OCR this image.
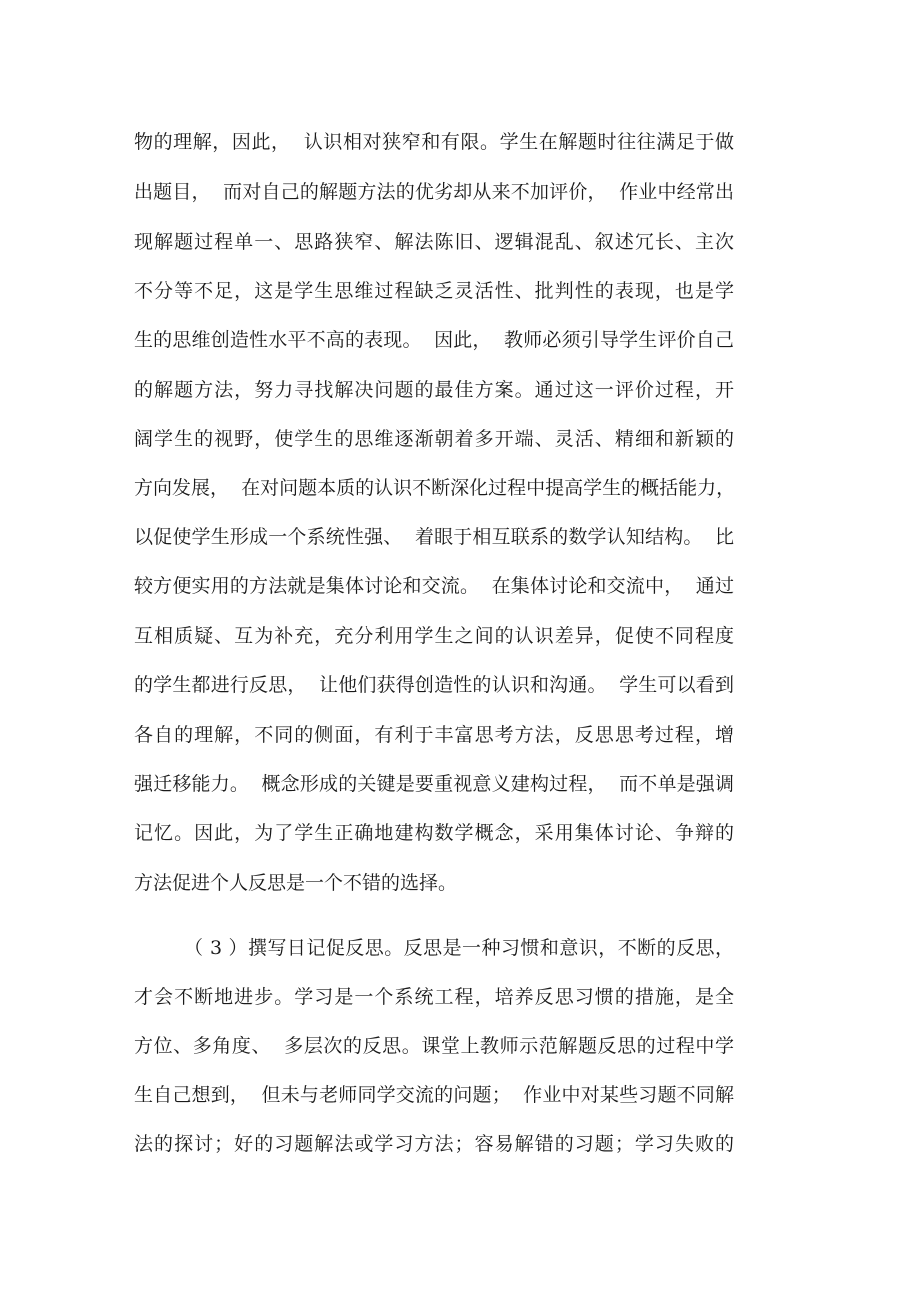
物的理解，因此，  认识相对狭窄和有限。学生在解题时往往满足于做
出题目，  而对自己的解题方法的优劣却从来不加评价，  作业中经常出
现解题过程单一、思路狭窄、解法陈旧、逻辑混乱、叙述冗长、主次
不分等不足，这是学生思维过程缺乏灵活性、批判性的表现，也是学
生的思维创造性水平不高的表现。  因此，  教师必须引导学生评价自己
的解题方法，努力寻找解决问题的最佳方案。通过这一评价过程，开
阔学生的视野，使学生的思维逐渐朝着多开端、灵活、精细和新颖的
方向发展，  在对问题本质的认识不断深化过程中提高学生的概括能力，
以促使学生形成一个系统性强、  着眼于相互联系的数学认知结构。  比
较方便实用的方法就是集体讨论和交流。  在集体讨论和交流中，  通过
互相质疑、互为补充，充分利用学生之间的认识差异，促使不同程度
的学生都进行反思，  让他们获得创造性的认识和沟通。  学生可以看到
各自的理解，不同的侧面，有利于丰富思考方法，反思思考过程，增
强迁移能力。  概念形成的关键是要重视意义建构过程，  而不单是强调
记忆。因此，为了学生正确地建构数学概念，采用集体讨论、争辩的
方法促进个人反思是一个不错的选择。
（ 3 ）撰写日记促反思。反思是一种习惯和意识，不断的反思，
才会不断地进步。学习是一个系统工程，培养反思习惯的措施，是全
方位、多角度、  多层次的反思。课堂上教师示范解题反思的过程中学
生自己想到，  但未与老师同学交流的问题；  作业中对某些习题不同解
法的探讨；好的习题解法或学习方法；容易解错的习题；学习失败的
